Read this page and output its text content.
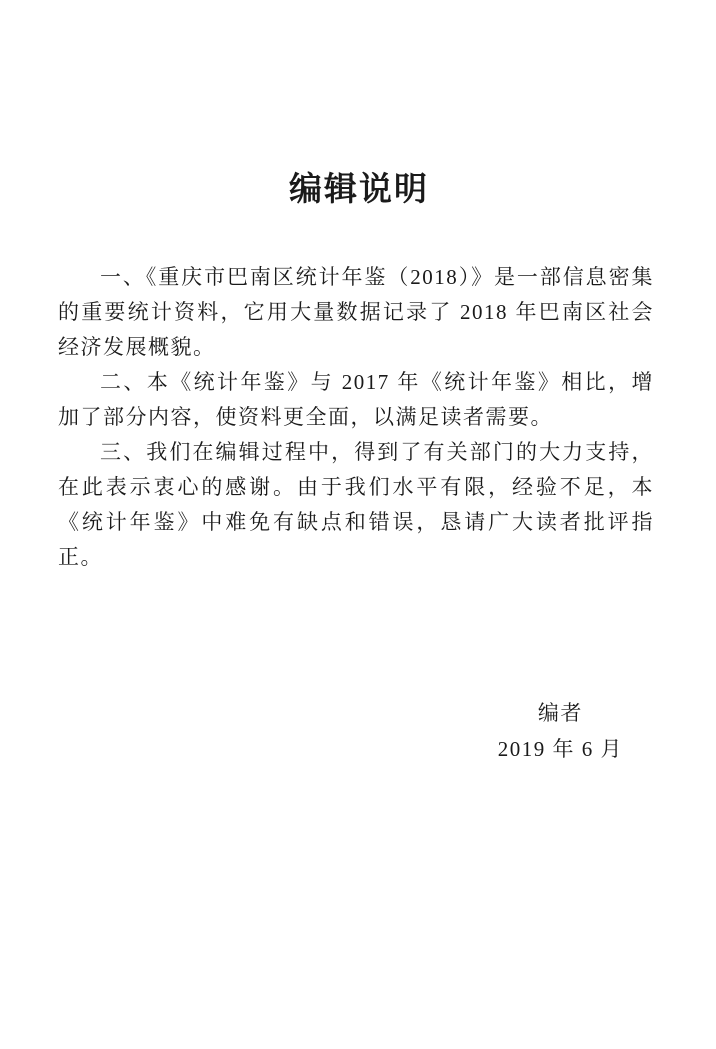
编辑说明

一、《重庆市巴南区统计年鉴（2018）》是一部信息密集的重要统计资料，它用大量数据记录了 2018 年巴南区社会经济发展概貌。

二、本《统计年鉴》与 2017 年《统计年鉴》相比，增加了部分内容，使资料更全面，以满足读者需要。

三、我们在编辑过程中，得到了有关部门的大力支持，在此表示衷心的感谢。由于我们水平有限，经验不足，本《统计年鉴》中难免有缺点和错误，恳请广大读者批评指正。

编者
2019 年 6 月
